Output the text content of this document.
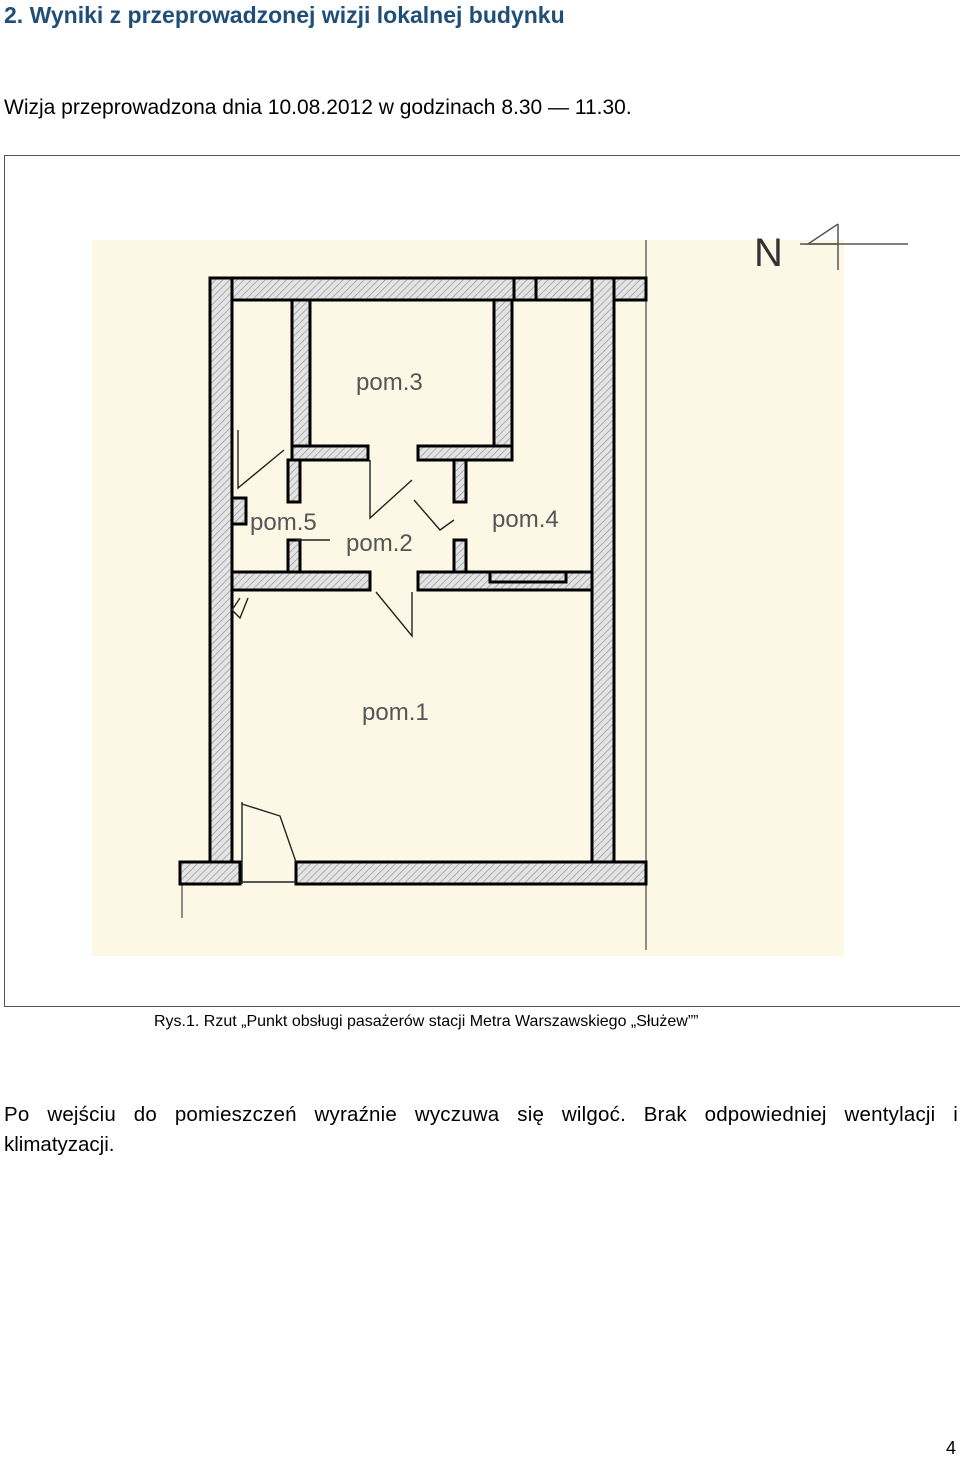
2. Wyniki z przeprowadzonej wizji lokalnej budynku

Wizja przeprowadzona dnia 10.08.2012 w godzinach 8.30 — 11.30.

N
pom.3
pom.5
pom.2
pom.4
pom.1

Rys.1. Rzut „Punkt obsługi pasażerów stacji Metra Warszawskiego „Służew””

Po wejściu do pomieszczeń wyraźnie wyczuwa się wilgoć. Brak odpowiedniej wentylacji i

klimatyzacji.

4
